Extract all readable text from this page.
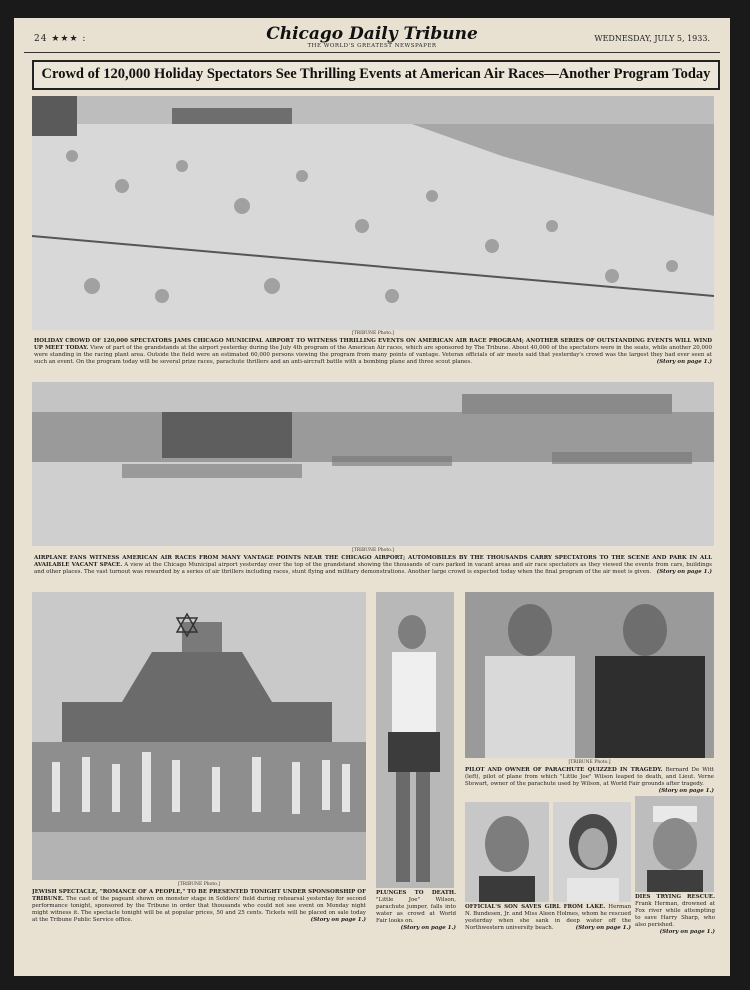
24 ★★★ :	Chicago Daily Tribune
THE WORLD'S GREATEST NEWSPAPER
WEDNESDAY, JULY 5, 1933.
Crowd of 120,000 Holiday Spectators See Thrilling Events at American Air Races—Another Program Today
[TRIBUNE Photo.]
HOLIDAY CROWD OF 120,000 SPECTATORS JAMS CHICAGO MUNICIPAL AIRPORT TO WITNESS THRILLING EVENTS ON AMERICAN AIR RACE PROGRAM; ANOTHER SERIES OF OUTSTANDING EVENTS WILL WIND UP MEET TODAY. View of part of the grandstands at the airport yesterday during the July 4th program of the American Air races, which are sponsored by The Tribune. About 40,000 of the spectators were in the seats, while another 20,000 were standing in the racing plant area. Outside the field were an estimated 60,000 persons viewing the program from many points of vantage. Veteran officials of air meets said that yesterday's crowd was the largest they had ever seen at such an event. On the program today will be several prize races, parachute thrillers and an anti-aircraft battle with a bombing plane and three scout planes.	(Story on page 1.)
[TRIBUNE Photo.]
AIRPLANE FANS WITNESS AMERICAN AIR RACES FROM MANY VANTAGE POINTS NEAR THE CHICAGO AIRPORT; AUTOMOBILES BY THE THOUSANDS CARRY SPECTATORS TO THE SCENE AND PARK IN ALL AVAILABLE VACANT SPACE. A view at the Chicago Municipal airport yesterday over the top of the grandstand showing the thousands of cars parked in vacant areas and air race spectators as they viewed the events from cars, buildings and other places. The vast turnout was rewarded by a series of air thrillers including races, stunt flying and military demonstrations. Another large crowd is expected today when the final program of the air meet is given. (Story on page 1.)
[TRIBUNE Photo.]
JEWISH SPECTACLE, "ROMANCE OF A PEOPLE," TO BE PRESENTED TONIGHT UNDER SPONSORSHIP OF TRIBUNE. The cast of the pageant shown on monster stage in Soldiers' field during rehearsal yesterday for second performance tonight, sponsored by the Tribune in order that thousands who could not see event on Monday night might witness it. The spectacle tonight will be at popular prices, 50 and 25 cents. Tickets will be placed on sale today at the Tribune Public Service office.	(Story on page 1.)
PLUNGES TO DEATH. "Little Joe" Wilson, parachute jumper, falls into water as crowd at World Fair looks on.
(Story on page 1.)
[TRIBUNE Photo.]
PILOT AND OWNER OF PARACHUTE QUIZZED IN TRAGEDY. Bernard De Witt (left), pilot of plane from which "Little Joe" Wilson leaped to death, and Lieut. Verne Stewart, owner of the parachute used by Wilson, at World Fair grounds after tragedy.
(Story on page 1.)
OFFICIAL'S SON SAVES GIRL FROM LAKE. Herman N. Bundesen, Jr. and Miss Aleen Holmes, whom he rescued yesterday when she sank in deep water off the Northwestern university beach.	(Story on page 1.)
DIES TRYING RESCUE. Frank Herman, drowned at Fox river while attempting to save Harry Sharp, who also perished.
(Story on page 1.)
